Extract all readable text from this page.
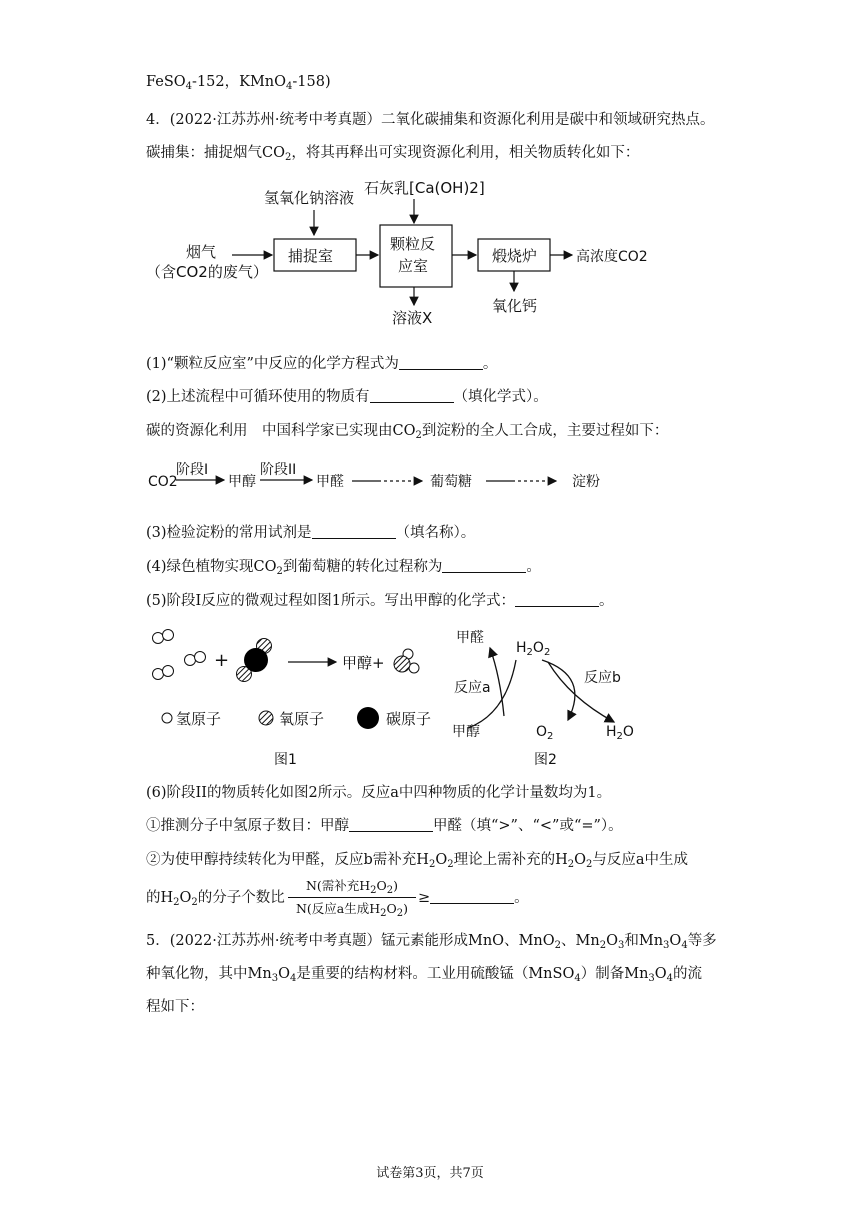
FeSO$_4$-152，KMnO$_4$-158)
4．(2022·江苏苏州·统考中考真题）二氧化碳捕集和资源化利用是碳中和领域研究热点。
碳捕集：捕捉烟气$CO_2$，将其再释出可实现资源化利用，相关物质转化如下：
氢氧化钠溶液
石灰乳[Ca(OH)2]
烟气
（含CO2的废气）
捕捉室
颗粒反
应室
煅烧炉	高浓度CO2
溶液X
氧化钙
(1)“颗粒反应室”中反应的化学方程式为	。
(2)上述流程中可循环使用的物质有	（填化学式）。
碳的资源化利用　中国科学家已实现由$CO_2$到淀粉的全人工合成，主要过程如下：
CO2
阶段I
甲醇
阶段II
甲醛	葡萄糖	淀粉
(3)检验淀粉的常用试剂是	（填名称）。
(4)绿色植物实现$CO_2$到葡萄糖的转化过程称为	。
(5)阶段I反应的微观过程如图1所示。写出甲醇的化学式：	。
+	甲醇+
氢原子	氧原子	碳原子
图1
甲醛
$H_2O_2$
反应a
反应b
甲醇	$O_2$	$H_2O$
图2
(6)阶段II的物质转化如图2所示。反应a中四种物质的化学计量数均为1。
①推测分子中氢原子数目：甲醇	甲醛（填“>”、“<”或“=”）。
②为使甲醇持续转化为甲醛，反应b需补充$H_2O_2$理论上需补充的$H_2O_2$与反应a中生成
的$H_2O_2$的分子个数比
N(需补充$H_2O_2$)
N(反应a生成$H_2O_2$)
≥	。
5．(2022·江苏苏州·统考中考真题）锰元素能形成MnO、MnO$_2$、$Mn_2O_3$和$Mn_3O_4$等多
种氧化物，其中$Mn_3O_4$是重要的结构材料。工业用硫酸锰（MnSO$_4$）制备$Mn_3O_4$的流
程如下：
试卷第3页，共7页
